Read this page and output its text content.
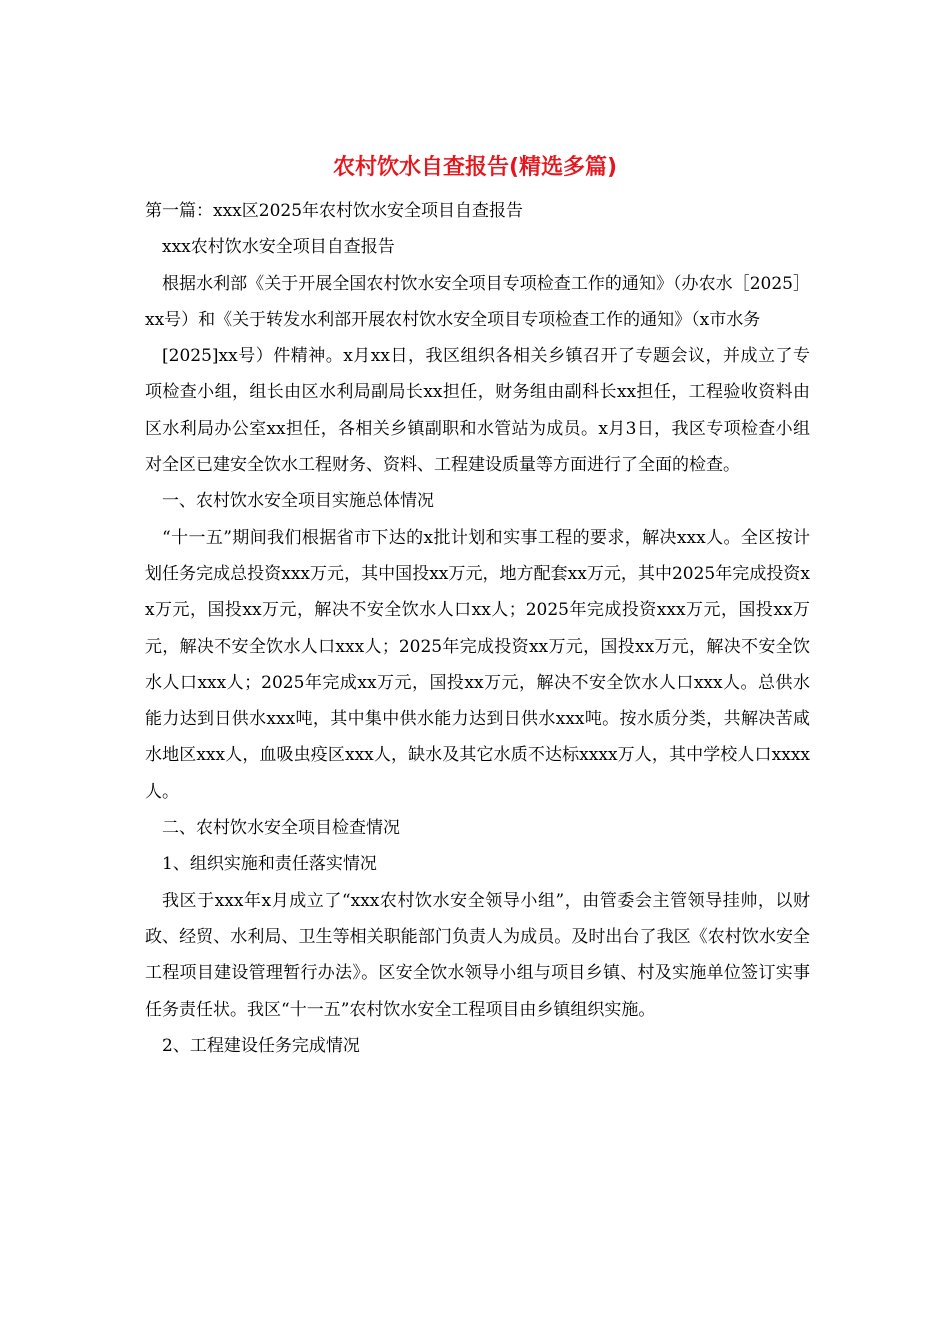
农村饮水自查报告(精选多篇)

第一篇：xxx区2025年农村饮水安全项目自查报告

xxx农村饮水安全项目自查报告

根据水利部《关于开展全国农村饮水安全项目专项检查工作的通知》（办农水［2025］xx号）和《关于转发水利部开展农村饮水安全项目专项检查工作的通知》（x市水务

[2025]xx号）件精神。x月xx日，我区组织各相关乡镇召开了专题会议，并成立了专项检查小组，组长由区水利局副局长xx担任，财务组由副科长xx担任，工程验收资料由区水利局办公室xx担任，各相关乡镇副职和水管站为成员。x月3日，我区专项检查小组对全区已建安全饮水工程财务、资料、工程建设质量等方面进行了全面的检查。

一、农村饮水安全项目实施总体情况

“十一五”期间我们根据省市下达的x批计划和实事工程的要求，解决xxx人。全区按计划任务完成总投资xxx万元，其中国投xx万元，地方配套xx万元，其中2025年完成投资xx万元，国投xx万元，解决不安全饮水人口xx人；2025年完成投资xxx万元，国投xx万元，解决不安全饮水人口xxx人；2025年完成投资xx万元，国投xx万元，解决不安全饮水人口xxx人；2025年完成xx万元，国投xx万元，解决不安全饮水人口xxx人。总供水能力达到日供水xxx吨，其中集中供水能力达到日供水xxx吨。按水质分类，共解决苦咸水地区xxx人，血吸虫疫区xxx人，缺水及其它水质不达标xxxx万人，其中学校人口xxxx人。

二、农村饮水安全项目检查情况

1、组织实施和责任落实情况

我区于xxx年x月成立了“xxx农村饮水安全领导小组”，由管委会主管领导挂帅，以财政、经贸、水利局、卫生等相关职能部门负责人为成员。及时出台了我区《农村饮水安全工程项目建设管理暂行办法》。区安全饮水领导小组与项目乡镇、村及实施单位签订实事任务责任状。我区“十一五”农村饮水安全工程项目由乡镇组织实施。

2、工程建设任务完成情况
